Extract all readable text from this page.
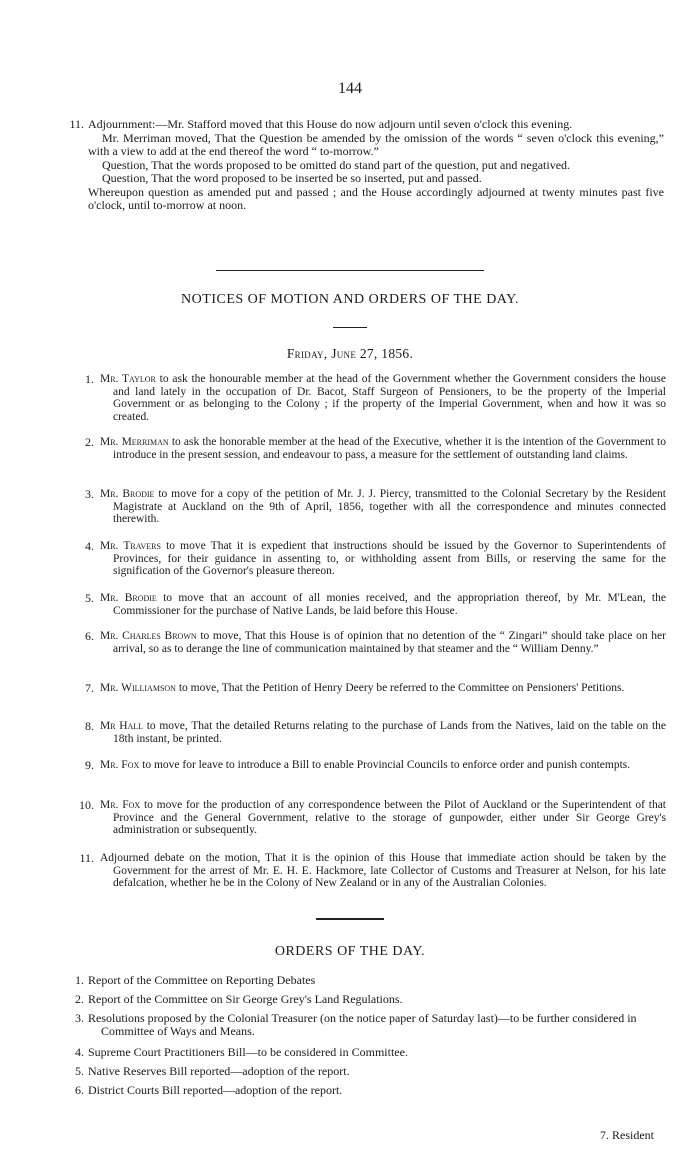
144
11. Adjournment:—Mr. Stafford moved that this House do now adjourn until seven o'clock this evening.

Mr. Merriman moved, That the Question be amended by the omission of the words “ seven o'clock this evening,” with a view to add at the end thereof the word “ to-morrow.”

Question, That the words proposed to be omitted do stand part of the question, put and negatived.

Question, That the word proposed to be inserted be so inserted, put and passed.

Whereupon question as amended put and passed ; and the House accordingly adjourned at twenty minutes past five o'clock, until to-morrow at noon.

NOTICES OF MOTION AND ORDERS OF THE DAY.
Friday, June 27, 1856.
1. Mr. Taylor to ask the honourable member at the head of the Government whether the Government considers the house and land lately in the occupation of Dr. Bacot, Staff Surgeon of Pensioners, to be the property of the Imperial Government or as belonging to the Colony ; if the property of the Imperial Government, when and how it was so created.
2. Mr. Merriman to ask the honorable member at the head of the Executive, whether it is the intention of the Government to introduce in the present session, and endeavour to pass, a measure for the settlement of outstanding land claims.
3. Mr. Brodie to move for a copy of the petition of Mr. J. J. Piercy, transmitted to the Colonial Secretary by the Resident Magistrate at Auckland on the 9th of April, 1856, together with all the correspondence and minutes connected therewith.
4. Mr. Travers to move That it is expedient that instructions should be issued by the Governor to Superintendents of Provinces, for their guidance in assenting to, or withholding assent from Bills, or reserving the same for the signification of the Governor's pleasure thereon.
5. Mr. Brodie to move that an account of all monies received, and the appropriation thereof, by Mr. M'Lean, the Commissioner for the purchase of Native Lands, be laid before this House.
6. Mr. Charles Brown to move, That this House is of opinion that no detention of the “ Zingari” should take place on her arrival, so as to derange the line of communication maintained by that steamer and the “ William Denny.”
7. Mr. Williamson to move, That the Petition of Henry Deery be referred to the Committee on Pensioners' Petitions.
8. Mr Hall to move, That the detailed Returns relating to the purchase of Lands from the Natives, laid on the table on the 18th instant, be printed.
9. Mr. Fox to move for leave to introduce a Bill to enable Provincial Councils to enforce order and punish contempts.
10. Mr. Fox to move for the production of any correspondence between the Pilot of Auckland or the Superintendent of that Province and the General Government, relative to the storage of gunpowder, either under Sir George Grey's administration or subsequently.
11. Adjourned debate on the motion, That it is the opinion of this House that immediate action should be taken by the Government for the arrest of Mr. E. H. E. Hackmore, late Collector of Customs and Treasurer at Nelson, for his late defalcation, whether he be in the Colony of New Zealand or in any of the Australian Colonies.
ORDERS OF THE DAY.
1. Report of the Committee on Reporting Debates
2. Report of the Committee on Sir George Grey's Land Regulations.
3. Resolutions proposed by the Colonial Treasurer (on the notice paper of Saturday last)—to be further considered in Committee of Ways and Means.
4. Supreme Court Practitioners Bill—to be considered in Committee.
5. Native Reserves Bill reported—adoption of the report.
6. District Courts Bill reported—adoption of the report.
7. Resident
